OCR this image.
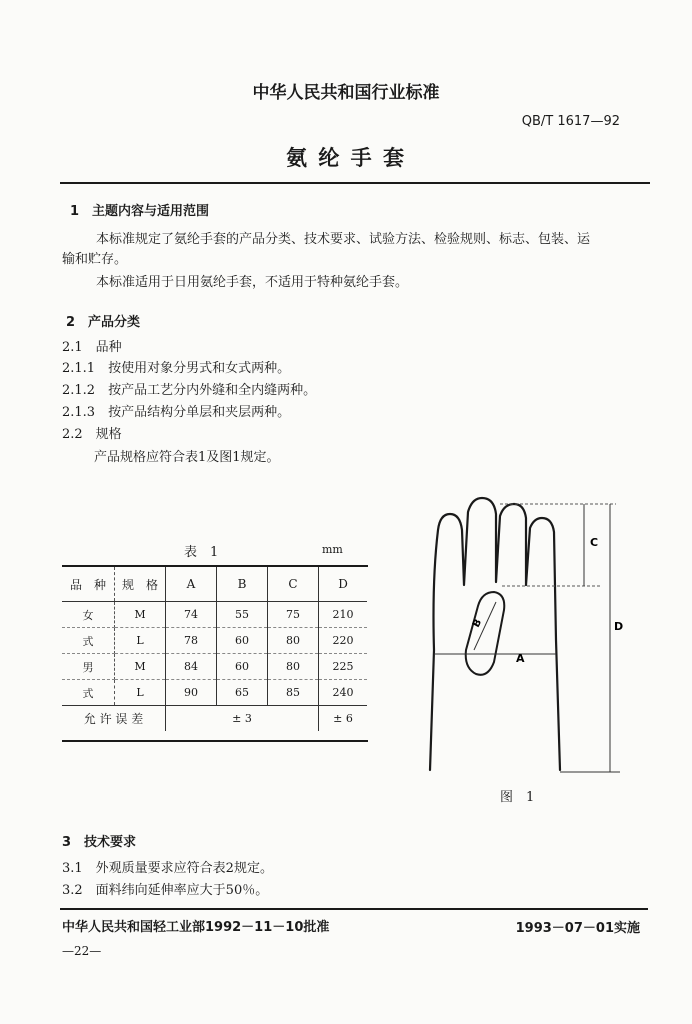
中华人民共和国行业标准
QB/T 1617—92
氨 纶 手 套
1　主题内容与适用范围
本标准规定了氨纶手套的产品分类、技术要求、试验方法、检验规则、标志、包装、运
输和贮存。
本标准适用于日用氨纶手套，不适用于特种氨纶手套。
2　产品分类
2.1　品种
2.1.1　按使用对象分男式和女式两种。
2.1.2　按产品工艺分内外缝和全内缝两种。
2.1.3　按产品结构分单层和夹层两种。
2.2　规格
产品规格应符合表1及图1规定。
表　1	mm
品　种	规　格	A	B	C	D
女	M	74	55	75	210
式	L	78	60	80	220
男	M	84	60	80	225
式	L	90	65	85	240
允 许 误 差		± 3			± 6
B
A
C
D
图　1
3　技术要求
3.1　外观质量要求应符合表2规定。
3.2　面料纬向延伸率应大于50％。
中华人民共和国轻工业部1992－11－10批准	1993－07－01实施
—22—
